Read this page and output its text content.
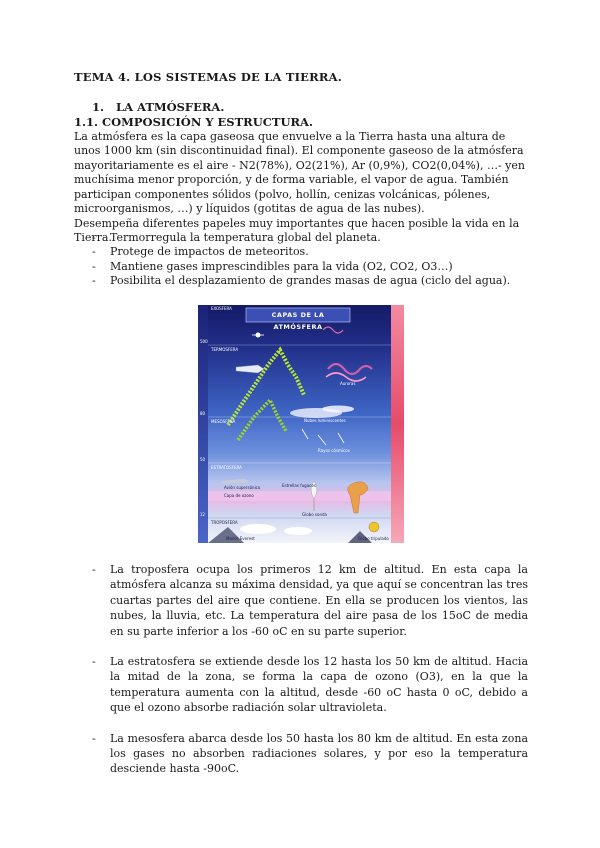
TEMA 4. LOS SISTEMAS DE LA TIERRA.
1. LA ATMÓSFERA.
1.1. COMPOSICIÓN Y ESTRUCTURA.

La atmósfera es la capa gaseosa que envuelve a la Tierra hasta una altura de unos 1000 km (sin discontinuidad final). El componente gaseoso de la atmósfera mayoritariamente es el aire - N2(78%), O2(21%), Ar (0,9%), CO2(0,04%), …- yen muchísima menor proporción, y de forma variable, el vapor de agua. También participan componentes sólidos (polvo, hollín, cenizas volcánicas, pólenes, microorganismos, …) y líquidos (gotitas de agua de las nubes).

Desempeña diferentes papeles muy importantes que hacen posible la vida en la Tierra.

- Termorregula la temperatura global del planeta.
- Protege de impactos de meteoritos.
- Mantiene gases imprescindibles para la vida (O2, CO2, O3…)
- Posibilita el desplazamiento de grandes masas de agua (ciclo del agua).
500
80
50
12
CAPAS DE LA ATMÓSFERA
EXOSFERA
TERMOSFERA
MESOSFERA
ESTRATOSFERA
TROPOSFERA
Capa de ozono
Nubes luminiscentes
Rayos cósmicos
Estrellas fugaces
Globo sonda
Auroras
Avión supersónico
Monte Everest	Globo tripulado
- La troposfera ocupa los primeros 12 km de altitud. En esta capa la atmósfera alcanza su máxima densidad, ya que aquí se concentran las tres cuartas partes del aire que contiene. En ella se producen los vientos, las nubes, la lluvia, etc. La temperatura del aire pasa de los 15oC de media en su parte inferior a los -60 oC en su parte superior.
- La estratosfera se extiende desde los 12 hasta los 50 km de altitud. Hacia la mitad de la zona, se forma la capa de ozono (O3), en la que la temperatura aumenta con la altitud, desde -60 oC hasta 0 oC, debido a que el ozono absorbe radiación solar ultravioleta.
- La mesosfera abarca desde los 50 hasta los 80 km de altitud. En esta zona los gases no absorben radiaciones solares, y por eso la temperatura desciende hasta -90oC.
